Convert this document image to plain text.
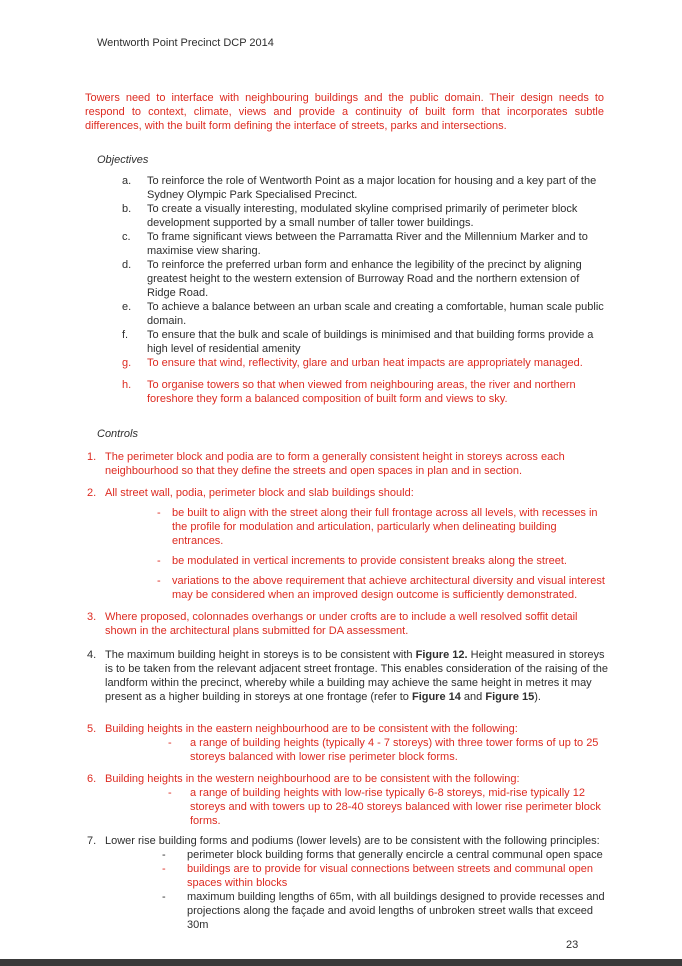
Wentworth Point Precinct DCP 2014

Towers need to interface with neighbouring buildings and the public domain. Their design needs to respond to context, climate, views and provide a continuity of built form that incorporates subtle differences, with the built form defining the interface of streets, parks and intersections.

Objectives
a. To reinforce the role of Wentworth Point as a major location for housing and a key part of the Sydney Olympic Park Specialised Precinct.
b. To create a visually interesting, modulated skyline comprised primarily of perimeter block development supported by a small number of taller tower buildings.
c. To frame significant views between the Parramatta River and the Millennium Marker and to maximise view sharing.
d. To reinforce the preferred urban form and enhance the legibility of the precinct by aligning greatest height to the western extension of Burroway Road and the northern extension of Ridge Road.
e. To achieve a balance between an urban scale and creating a comfortable, human scale public domain.
f. To ensure that the bulk and scale of buildings is minimised and that building forms provide a high level of residential amenity
g. To ensure that wind, reflectivity, glare and urban heat impacts are appropriately managed.
h. To organise towers so that when viewed from neighbouring areas, the river and northern foreshore they form a balanced composition of built form and views to sky.
Controls
1. The perimeter block and podia are to form a generally consistent height in storeys across each neighbourhood so that they define the streets and open spaces in plan and in section.
2. All street wall, podia, perimeter block and slab buildings should:
- be built to align with the street along their full frontage across all levels, with recesses in the profile for modulation and articulation, particularly when delineating building entrances.
- be modulated in vertical increments to provide consistent breaks along the street.
- variations to the above requirement that achieve architectural diversity and visual interest may be considered when an improved design outcome is sufficiently demonstrated.
3. Where proposed, colonnades overhangs or under crofts are to include a well resolved soffit detail shown in the architectural plans submitted for DA assessment.
4. The maximum building height in storeys is to be consistent with Figure 12. Height measured in storeys is to be taken from the relevant adjacent street frontage. This enables consideration of the raising of the landform within the precinct, whereby while a building may achieve the same height in metres it may present as a higher building in storeys at one frontage (refer to Figure 14 and Figure 15).
5. Building heights in the eastern neighbourhood are to be consistent with the following:
- a range of building heights (typically 4 - 7 storeys) with three tower forms of up to 25 storeys balanced with lower rise perimeter block forms.
6. Building heights in the western neighbourhood are to be consistent with the following:
- a range of building heights with low-rise typically 6-8 storeys, mid-rise typically 12 storeys and with towers up to 28-40 storeys balanced with lower rise perimeter block forms.
7. Lower rise building forms and podiums (lower levels) are to be consistent with the following principles:
- perimeter block building forms that generally encircle a central communal open space
- buildings are to provide for visual connections between streets and communal open spaces within blocks
- maximum building lengths of 65m, with all buildings designed to provide recesses and projections along the façade and avoid lengths of unbroken street walls that exceed 30m
23
